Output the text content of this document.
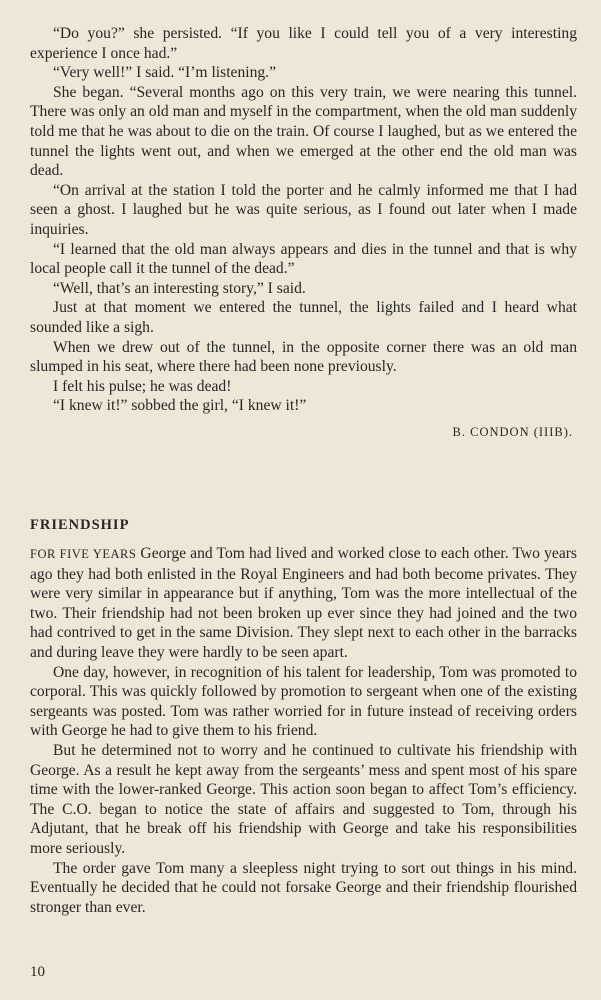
“Do you?” she persisted. “If you like I could tell you of a very interesting experience I once had.”

“Very well!” I said. “I’m listening.”

She began. “Several months ago on this very train, we were nearing this tunnel. There was only an old man and myself in the compartment, when the old man suddenly told me that he was about to die on the train. Of course I laughed, but as we entered the tunnel the lights went out, and when we emerged at the other end the old man was dead.

“On arrival at the station I told the porter and he calmly informed me that I had seen a ghost. I laughed but he was quite serious, as I found out later when I made inquiries.

“I learned that the old man always appears and dies in the tunnel and that is why local people call it the tunnel of the dead.”

“Well, that’s an interesting story,” I said.

Just at that moment we entered the tunnel, the lights failed and I heard what sounded like a sigh.

When we drew out of the tunnel, in the opposite corner there was an old man slumped in his seat, where there had been none previously.

I felt his pulse; he was dead!

“I knew it!” sobbed the girl, “I knew it!”

B. CONDON (IIIB).
FRIENDSHIP

FOR FIVE YEARS George and Tom had lived and worked close to each other. Two years ago they had both enlisted in the Royal Engineers and had both become privates. They were very similar in appearance but if anything, Tom was the more intellectual of the two. Their friendship had not been broken up ever since they had joined and the two had contrived to get in the same Division. They slept next to each other in the barracks and during leave they were hardly to be seen apart.

One day, however, in recognition of his talent for leadership, Tom was promoted to corporal. This was quickly followed by promotion to sergeant when one of the existing sergeants was posted. Tom was rather worried for in future instead of receiving orders with George he had to give them to his friend.

But he determined not to worry and he continued to cultivate his friendship with George. As a result he kept away from the sergeants’ mess and spent most of his spare time with the lower-ranked George. This action soon began to affect Tom’s efficiency. The C.O. began to notice the state of affairs and suggested to Tom, through his Adjutant, that he break off his friendship with George and take his responsibilities more seriously.

The order gave Tom many a sleepless night trying to sort out things in his mind. Eventually he decided that he could not forsake George and their friendship flourished stronger than ever.

10
